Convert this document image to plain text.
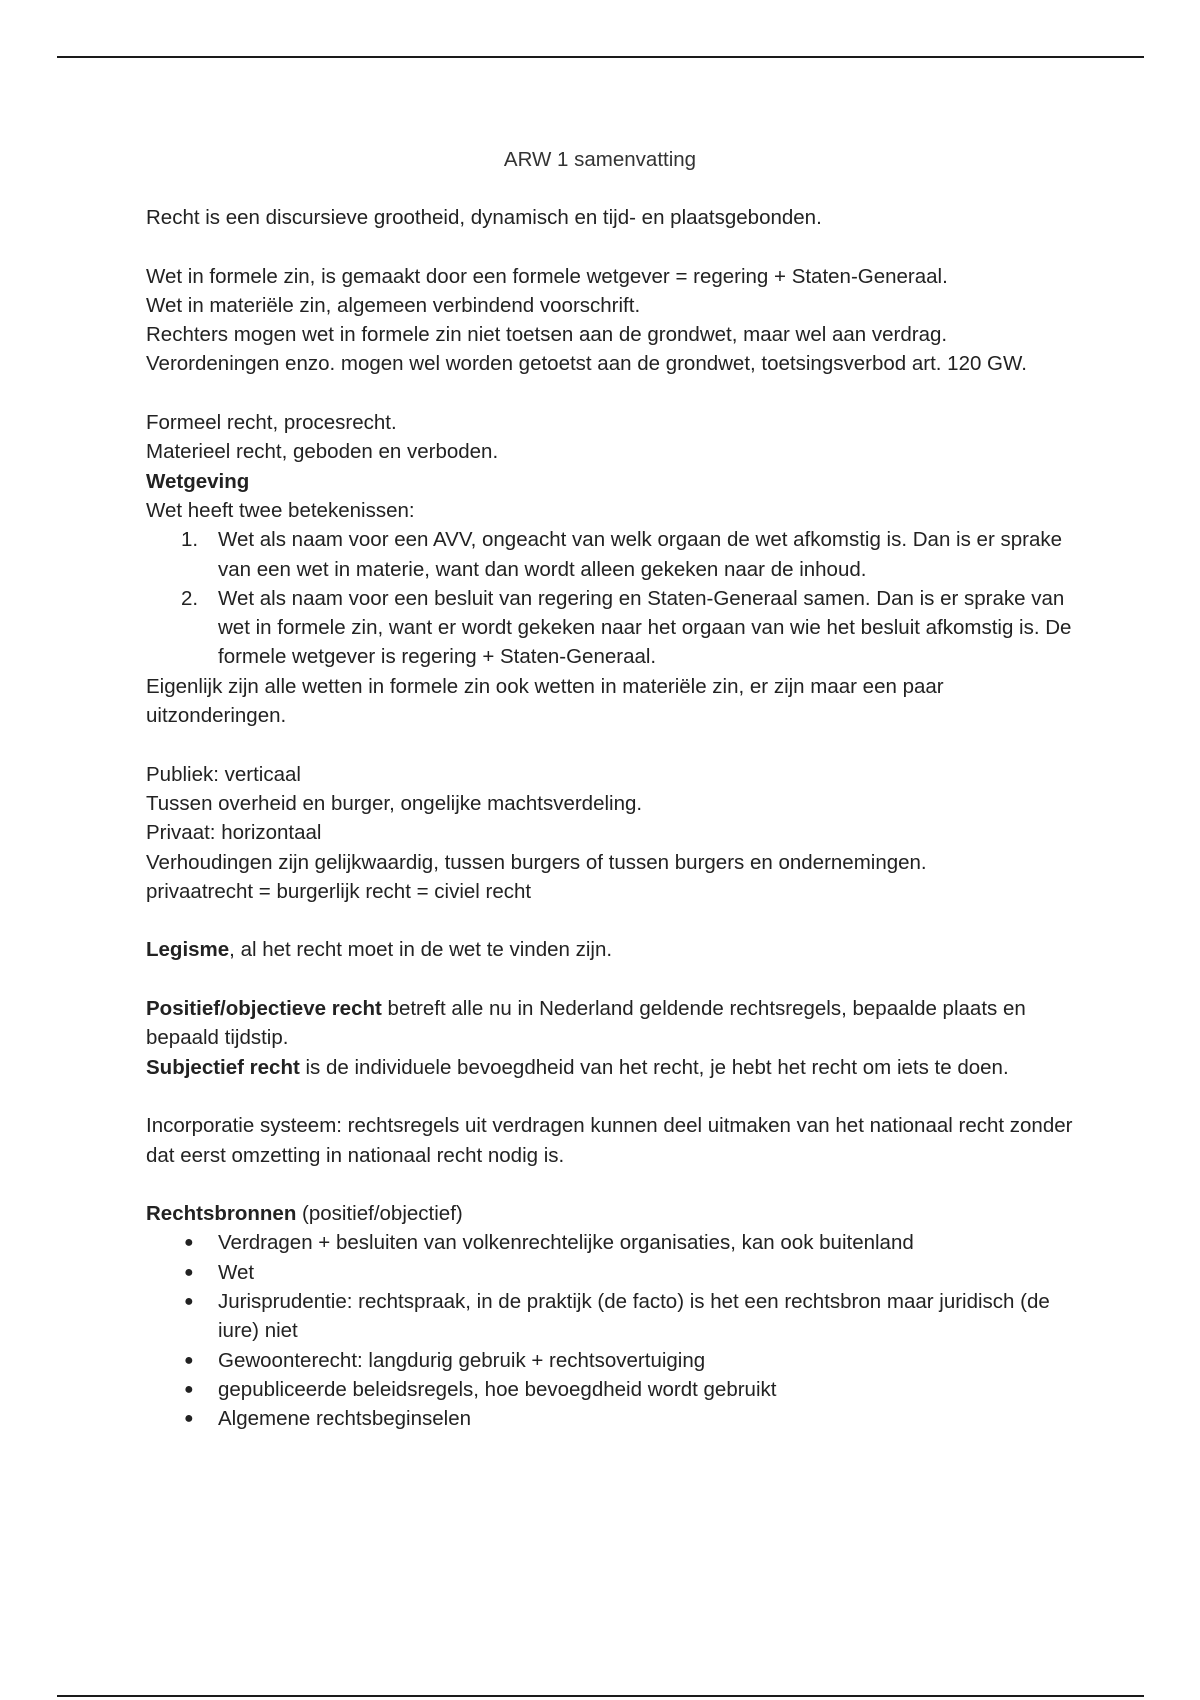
ARW 1 samenvatting

Recht is een discursieve grootheid, dynamisch en tijd- en plaatsgebonden.

Wet in formele zin, is gemaakt door een formele wetgever = regering + Staten-Generaal.

Wet in materiële zin, algemeen verbindend voorschrift.

Rechters mogen wet in formele zin niet toetsen aan de grondwet, maar wel aan verdrag.

Verordeningen enzo. mogen wel worden getoetst aan de grondwet, toetsingsverbod art. 120 GW.

Formeel recht, procesrecht.

Materieel recht, geboden en verboden.

Wetgeving

Wet heeft twee betekenissen:

1. Wet als naam voor een AVV, ongeacht van welk orgaan de wet afkomstig is. Dan is er sprake van een wet in materie, want dan wordt alleen gekeken naar de inhoud.
2. Wet als naam voor een besluit van regering en Staten-Generaal samen. Dan is er sprake van wet in formele zin, want er wordt gekeken naar het orgaan van wie het besluit afkomstig is. De formele wetgever is regering + Staten-Generaal.

Eigenlijk zijn alle wetten in formele zin ook wetten in materiële zin, er zijn maar een paar uitzonderingen.

Publiek: verticaal

Tussen overheid en burger, ongelijke machtsverdeling.

Privaat: horizontaal

Verhoudingen zijn gelijkwaardig, tussen burgers of tussen burgers en ondernemingen.

privaatrecht = burgerlijk recht = civiel recht

Legisme, al het recht moet in de wet te vinden zijn.

Positief/objectieve recht betreft alle nu in Nederland geldende rechtsregels, bepaalde plaats en bepaald tijdstip.

Subjectief recht is de individuele bevoegdheid van het recht, je hebt het recht om iets te doen.

Incorporatie systeem: rechtsregels uit verdragen kunnen deel uitmaken van het nationaal recht zonder dat eerst omzetting in nationaal recht nodig is.

Rechtsbronnen (positief/objectief)

● Verdragen + besluiten van volkenrechtelijke organisaties, kan ook buitenland
● Wet
● Jurisprudentie: rechtspraak, in de praktijk (de facto) is het een rechtsbron maar juridisch (de iure) niet
● Gewoonterecht: langdurig gebruik + rechtsovertuiging
● gepubliceerde beleidsregels, hoe bevoegdheid wordt gebruikt
● Algemene rechtsbeginselen
